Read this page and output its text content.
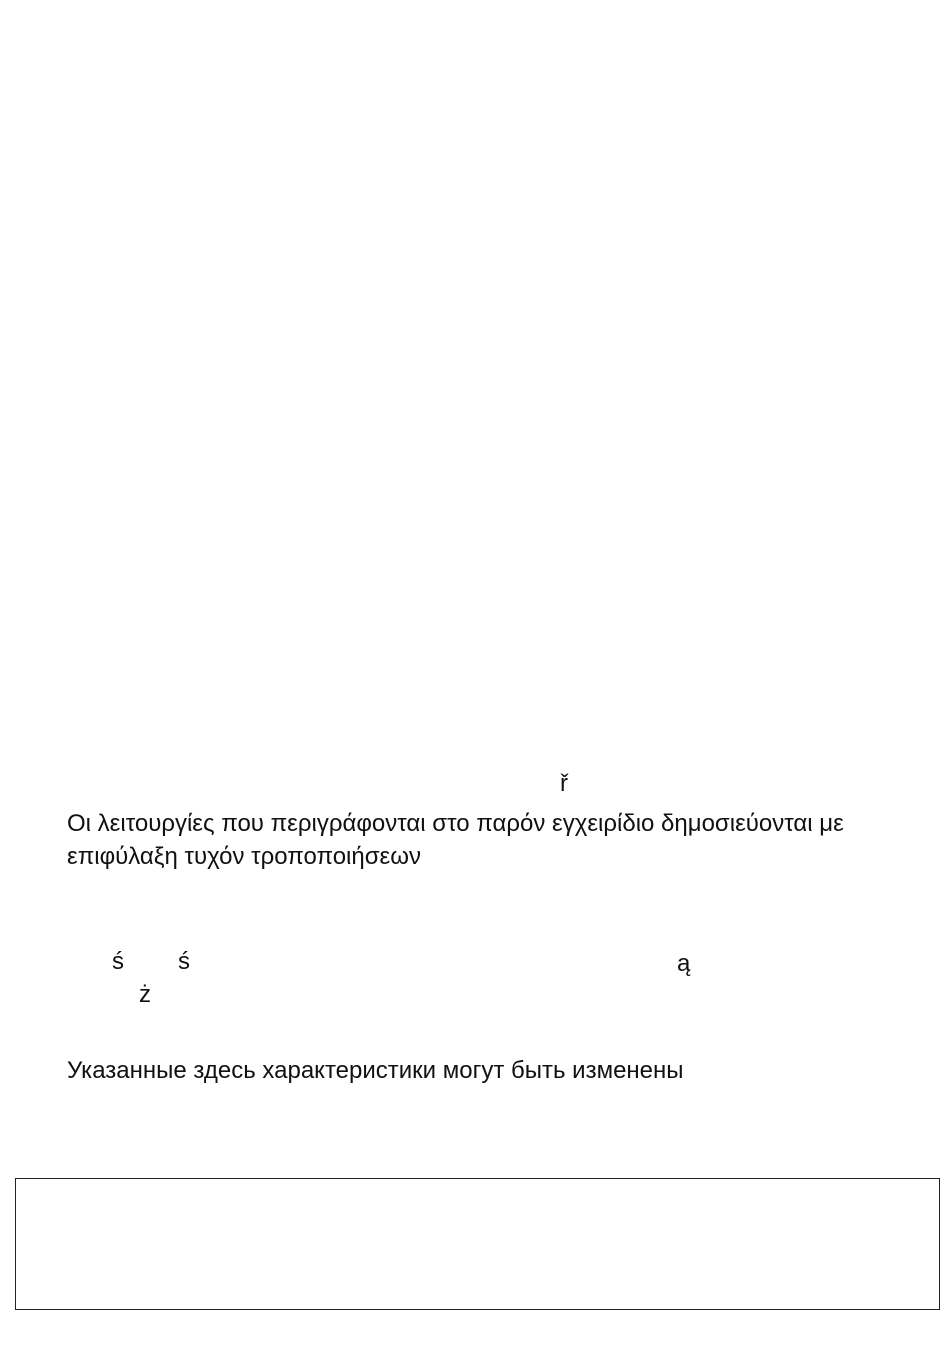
ř
Οι λειτουργίες που περιγράφονται στο παρόν εγχειρίδιο δημοσιεύονται με
επιφύλαξη τυχόν τροποποιήσεων
ś ś	ą
ż
Указанные здесь характеристики могут быть изменены
